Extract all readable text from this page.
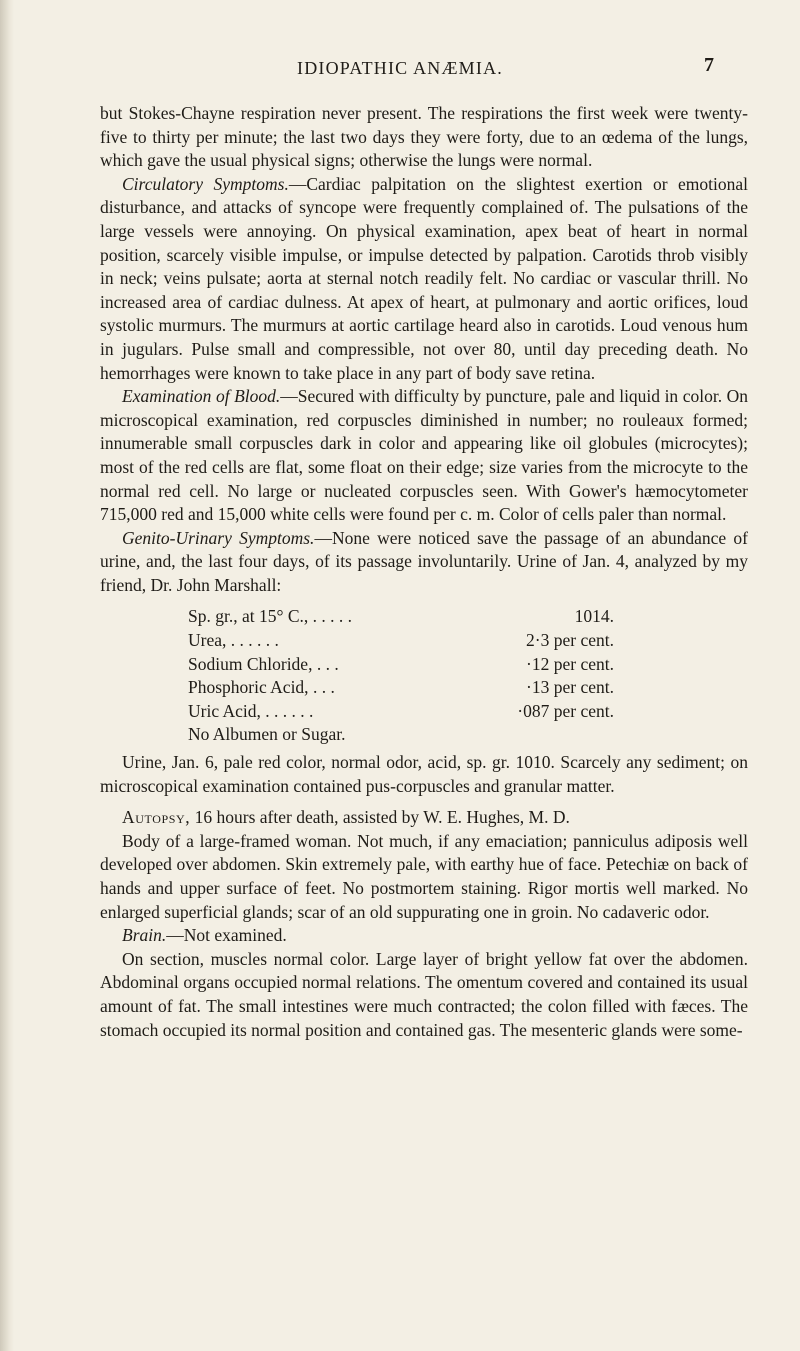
IDIOPATHIC ANÆMIA.	7

but Stokes-Chayne respiration never present. The respirations the first week were twenty-five to thirty per minute; the last two days they were forty, due to an œdema of the lungs, which gave the usual physical signs; otherwise the lungs were normal.

Circulatory Symptoms.—Cardiac palpitation on the slightest exertion or emotional disturbance, and attacks of syncope were frequently complained of. The pulsations of the large vessels were annoying. On physical examination, apex beat of heart in normal position, scarcely visible impulse, or impulse detected by palpation. Carotids throb visibly in neck; veins pulsate; aorta at sternal notch readily felt. No cardiac or vascular thrill. No increased area of cardiac dulness. At apex of heart, at pulmonary and aortic orifices, loud systolic murmurs. The murmurs at aortic cartilage heard also in carotids. Loud venous hum in jugulars. Pulse small and compressible, not over 80, until day preceding death. No hemorrhages were known to take place in any part of body save retina.

Examination of Blood.—Secured with difficulty by puncture, pale and liquid in color. On microscopical examination, red corpuscles diminished in number; no rouleaux formed; innumerable small corpuscles dark in color and appearing like oil globules (microcytes); most of the red cells are flat, some float on their edge; size varies from the microcyte to the normal red cell. No large or nucleated corpuscles seen. With Gower's hæmocytometer 715,000 red and 15,000 white cells were found per c. m. Color of cells paler than normal.

Genito-Urinary Symptoms.—None were noticed save the passage of an abundance of urine, and, the last four days, of its passage involuntarily. Urine of Jan. 4, analyzed by my friend, Dr. John Marshall:

Sp. gr., at 15° C., . . . . .	1014.
Urea, . . . . . .	2·3 per cent.
Sodium Chloride, . . .	·12 per cent.
Phosphoric Acid, . . .	·13 per cent.
Uric Acid, . . . . . .	·087 per cent.
No Albumen or Sugar.	

Urine, Jan. 6, pale red color, normal odor, acid, sp. gr. 1010. Scarcely any sediment; on microscopical examination contained pus-corpuscles and granular matter.

Autopsy, 16 hours after death, assisted by W. E. Hughes, M. D.

Body of a large-framed woman. Not much, if any emaciation; panniculus adiposis well developed over abdomen. Skin extremely pale, with earthy hue of face. Petechiæ on back of hands and upper surface of feet. No postmortem staining. Rigor mortis well marked. No enlarged superficial glands; scar of an old suppurating one in groin. No cadaveric odor.

Brain.—Not examined.

On section, muscles normal color. Large layer of bright yellow fat over the abdomen. Abdominal organs occupied normal relations. The omentum covered and contained its usual amount of fat. The small intestines were much contracted; the colon filled with fæces. The stomach occupied its normal position and contained gas. The mesenteric glands were some-
